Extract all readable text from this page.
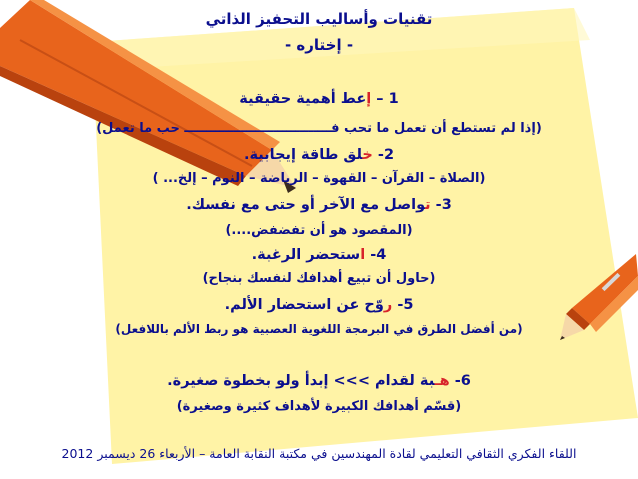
تقنيات وأساليب التحفيز الذاتي
- إختاره -
1 – إعط أهمية حقيقية
(إذا لم تستطع أن تعمل ما تحب فـــــــــــــــــــــــــــــــــ حب ما تعمل)
2- خلق طاقة إيجابية.
(الصلاة – القرآن – القهوة – الرياضة – النوم – إلخ... )
3- تواصل مع الآخر أو حتى مع نفسك.
(المقصود هو أن تفضفض....)
4- استحضر الرغبة.
(حاول أن تبيع أهدافك لنفسك بنجاح)
5- روّح عن استحضار الألم.
(من أفضل الطرق في البرمجة اللغوية العصبية هو ربط الألم باللافعل)
6- هـبة لقدام >>> إبدأ ولو بخطوة صغيرة.
(قسّم أهدافك الكبيرة لأهداف كثيرة وصغيرة)
اللقاء الفكري الثقافي التعليمي لقادة المهندسين في مكتبة النقابة العامة – الأربعاء 26 ديسمبر 2012
